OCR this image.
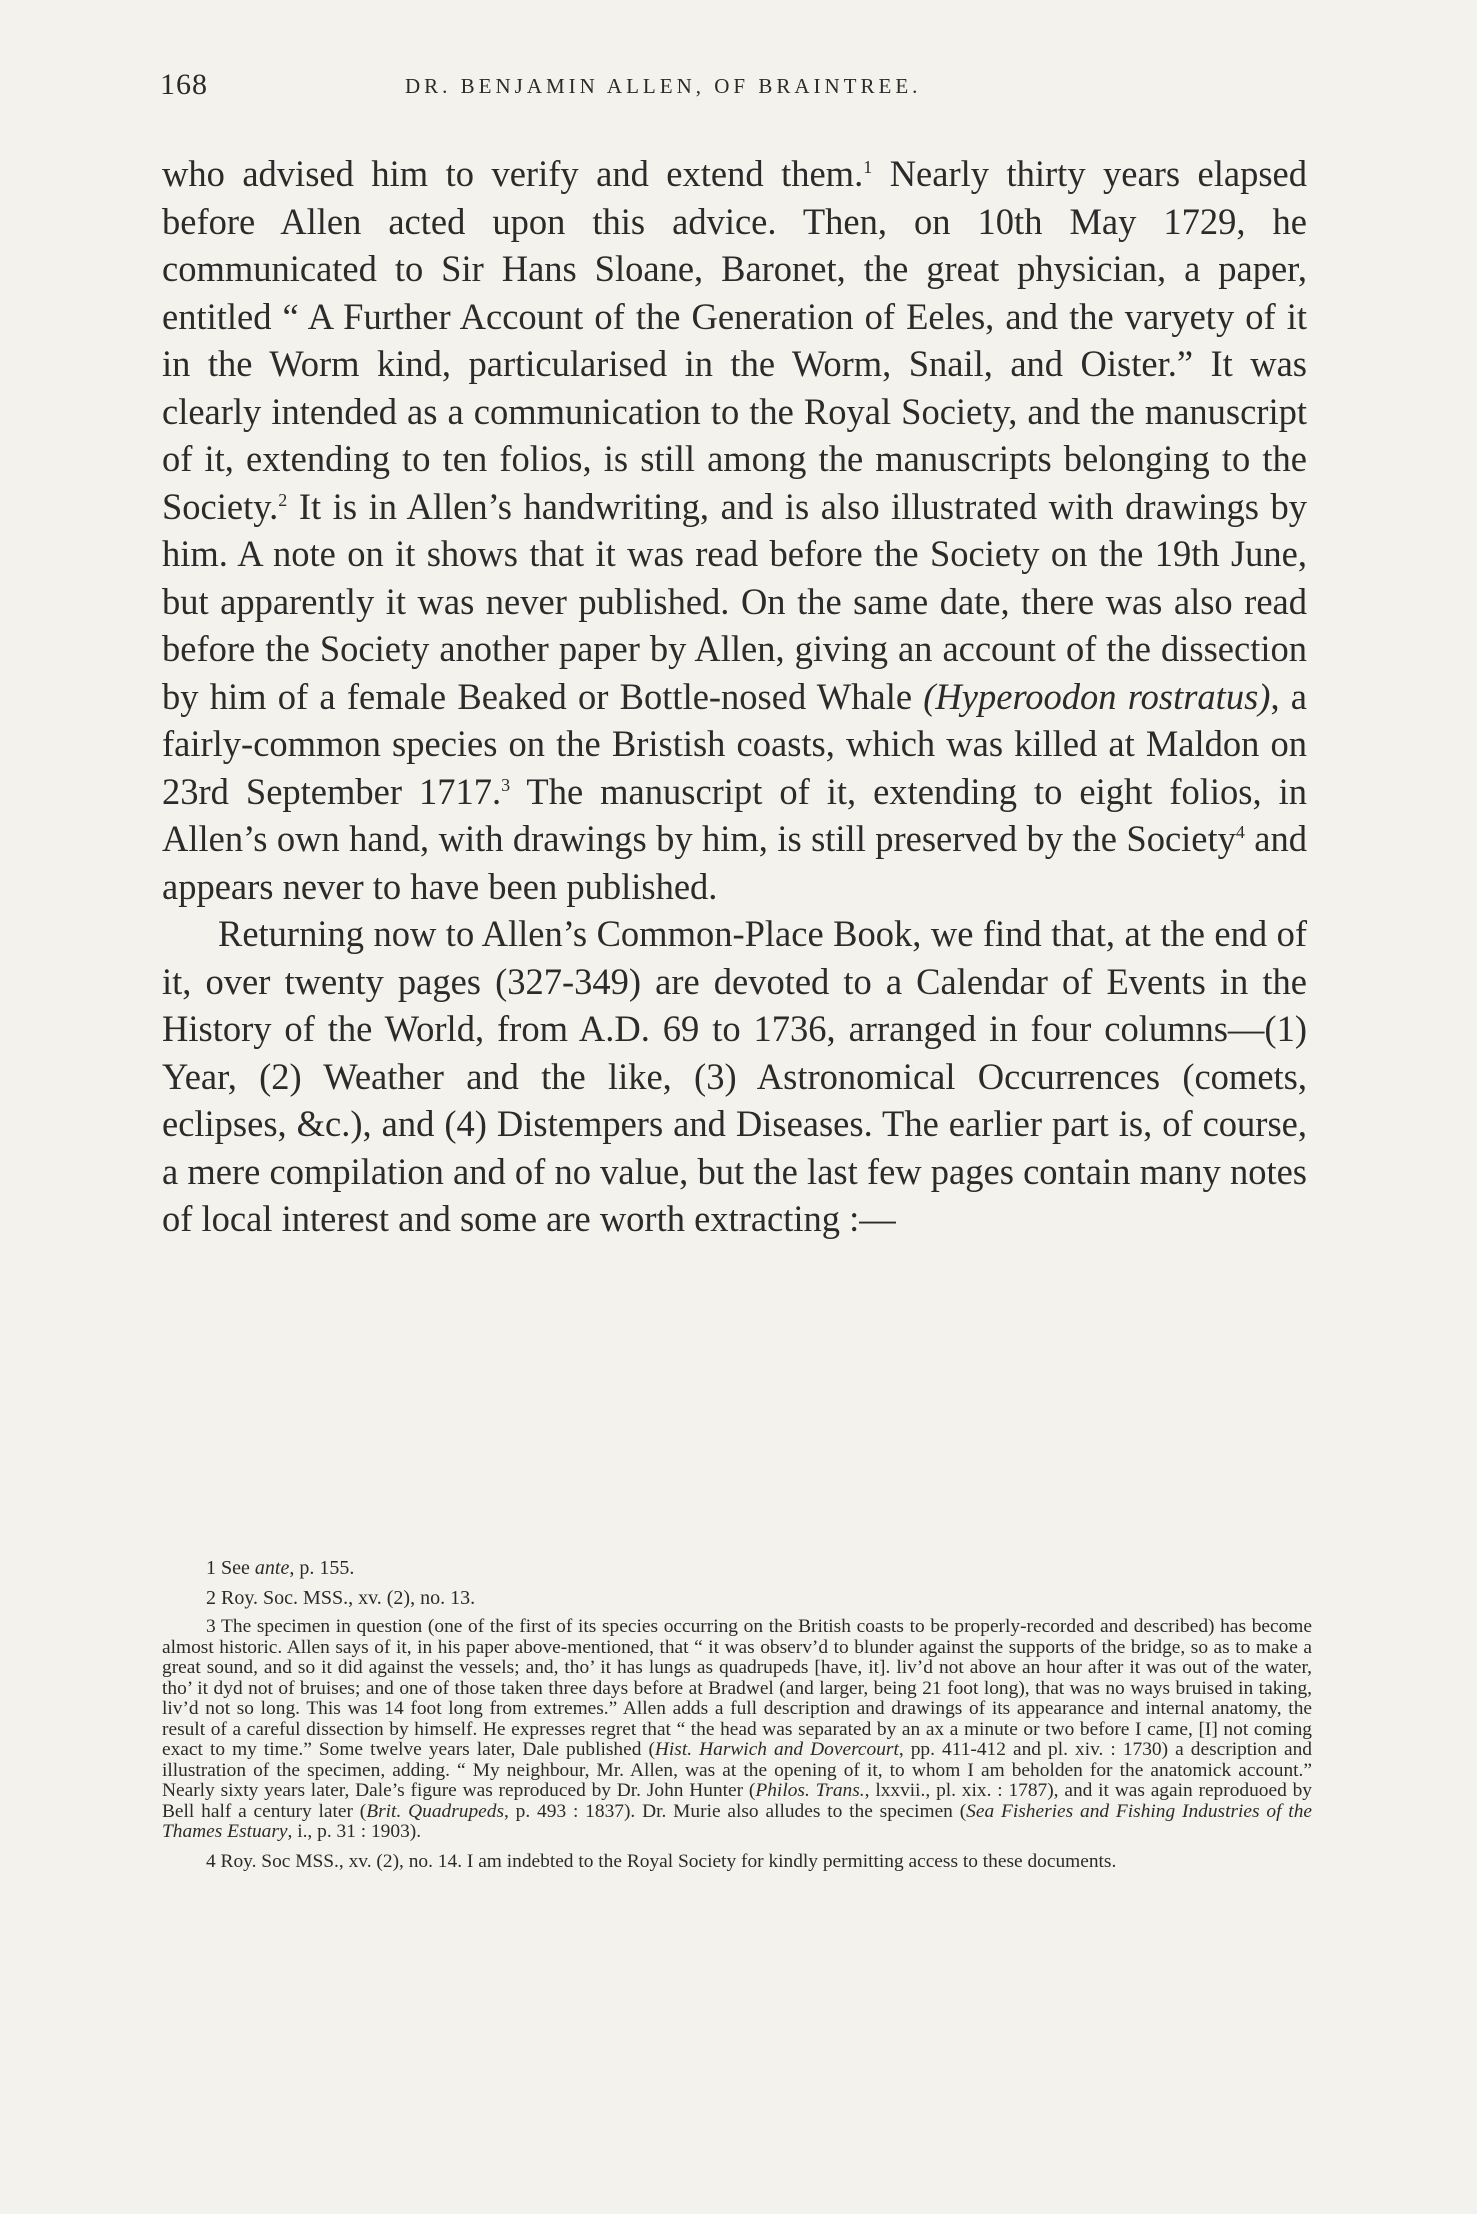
168	DR. BENJAMIN ALLEN, OF BRAINTREE.

who advised him to verify and extend them.$^1$ Nearly thirty years elapsed before Allen acted upon this advice. Then, on 10th May 1729, he communicated to Sir Hans Sloane, Baronet, the great physician, a paper, entitled “ A Further Account of the Generation of Eeles, and the varyety of it in the Worm kind, particularised in the Worm, Snail, and Oister.” It was clearly intended as a communication to the Royal Society, and the manuscript of it, extending to ten folios, is still among the manuscripts belonging to the Society.$^2$ It is in Allen’s handwriting, and is also illustrated with drawings by him. A note on it shows that it was read before the Society on the 19th June, but apparently it was never published. On the same date, there was also read before the Society another paper by Allen, giving an account of the dissection by him of a female Beaked or Bottle-nosed Whale (Hyperoodon rostratus), a fairly-common species on the Bristish coasts, which was killed at Maldon on 23rd September 1717.$^3$ The manuscript of it, extending to eight folios, in Allen’s own hand, with drawings by him, is still preserved by the Society$^4$ and appears never to have been published.

Returning now to Allen’s Common-Place Book, we find that, at the end of it, over twenty pages (327-349) are devoted to a Calendar of Events in the History of the World, from A.D. 69 to 1736, arranged in four columns—(1) Year, (2) Weather and the like, (3) Astronomical Occurrences (comets, eclipses, &c.), and (4) Distempers and Diseases. The earlier part is, of course, a mere compilation and of no value, but the last few pages contain many notes of local interest and some are worth extracting :—

1 See ante, p. 155.

2 Roy. Soc. MSS., xv. (2), no. 13.

3 The specimen in question (one of the first of its species occurring on the British coasts to be properly-recorded and described) has become almost historic. Allen says of it, in his paper above-mentioned, that “ it was observ’d to blunder against the supports of the bridge, so as to make a great sound, and so it did against the vessels; and, tho’ it has lungs as quadrupeds [have, it]. liv’d not above an hour after it was out of the water, tho’ it dyd not of bruises; and one of those taken three days before at Bradwel (and larger, being 21 foot long), that was no ways bruised in taking, liv’d not so long. This was 14 foot long from extremes.” Allen adds a full description and drawings of its appearance and internal anatomy, the result of a careful dissection by himself. He expresses regret that “ the head was separated by an ax a minute or two before I came, [I] not coming exact to my time.” Some twelve years later, Dale published (Hist. Harwich and Dovercourt, pp. 411-412 and pl. xiv. : 1730) a description and illustration of the specimen, adding. “ My neighbour, Mr. Allen, was at the opening of it, to whom I am beholden for the anatomick account.” Nearly sixty years later, Dale’s figure was reproduced by Dr. John Hunter (Philos. Trans., lxxvii., pl. xix. : 1787), and it was again reproduoed by Bell half a century later (Brit. Quadrupeds, p. 493 : 1837). Dr. Murie also alludes to the specimen (Sea Fisheries and Fishing Industries of the Thames Estuary, i., p. 31 : 1903).

4 Roy. Soc MSS., xv. (2), no. 14. I am indebted to the Royal Society for kindly permitting access to these documents.
